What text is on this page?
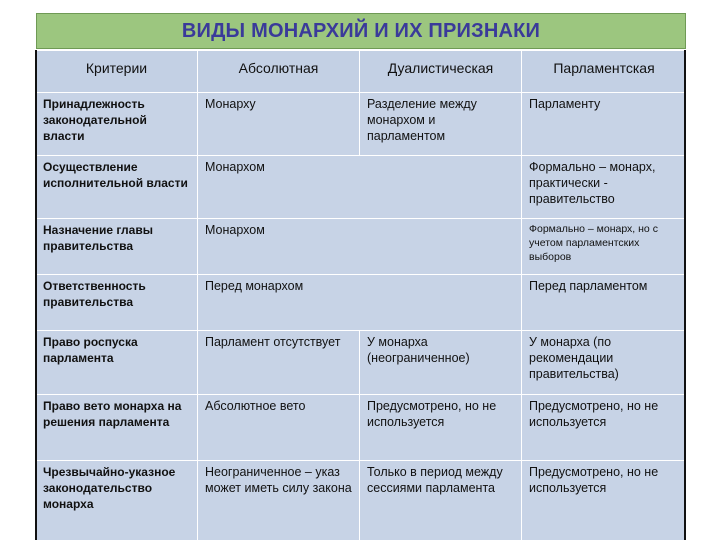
ВИДЫ МОНАРХИЙ И ИХ ПРИЗНАКИ
Критерии	Абсолютная	Дуалистическая	Парламентская
Принадлежность законодательной власти	Монарху	Разделение между монархом и парламентом	Парламенту
Осуществление исполнительной власти	Монархом		Формально – монарх, практически - правительство
Назначение главы правительства	Монархом		Формально – монарх, но с учетом парламентских выборов
Ответственность правительства	Перед монархом		Перед парламентом
Право роспуска парламента	Парламент отсутствует	У монарха (неограниченное)	У монарха (по рекомендации правительства)
Право вето монарха на решения парламента	Абсолютное вето	Предусмотрено, но не используется	Предусмотрено, но не используется
Чрезвычайно-указное законодательство монарха	Неограниченное – указ может иметь силу закона	Только в период между сессиями парламента	Предусмотрено, но не используется
